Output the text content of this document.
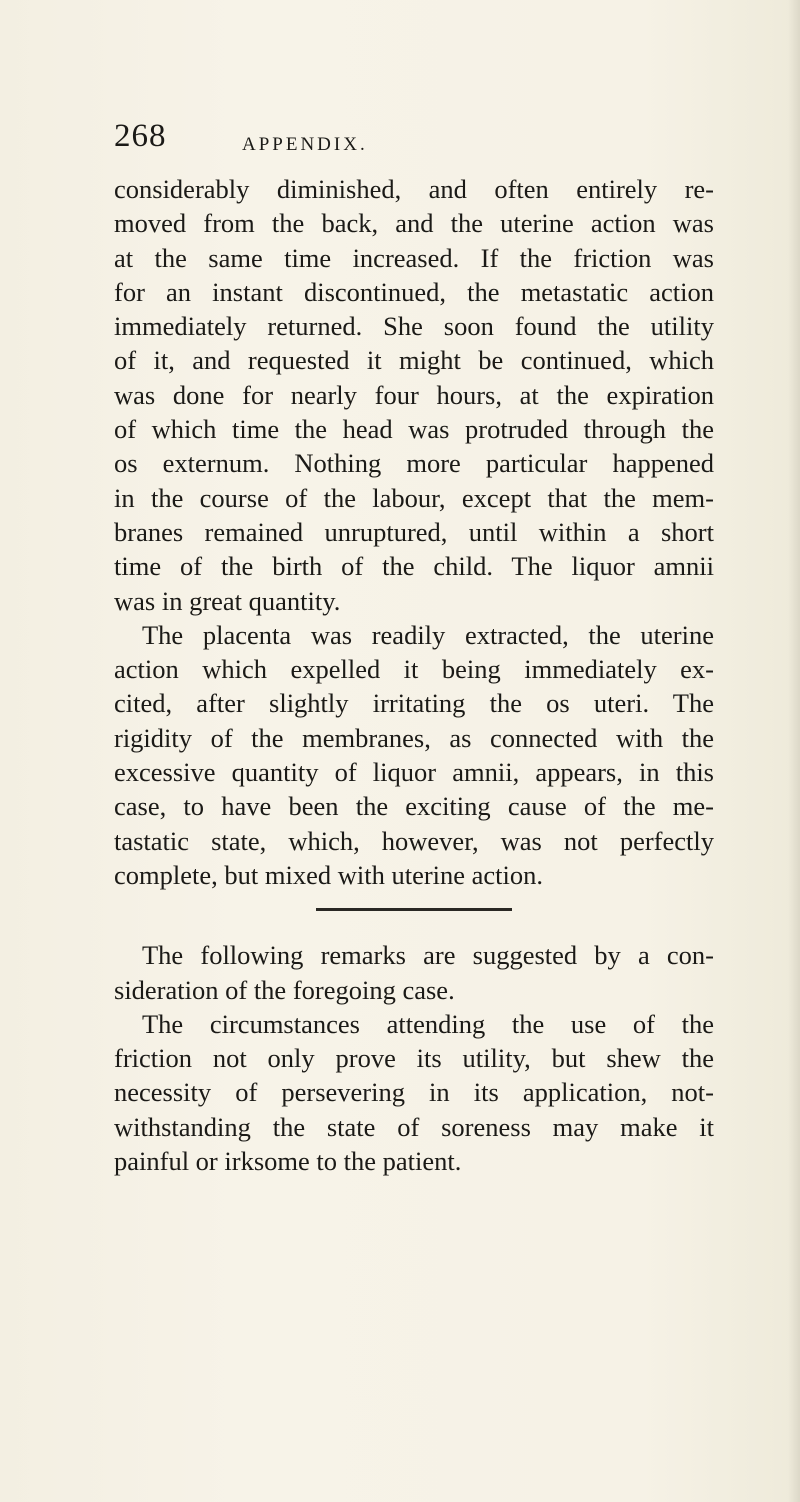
268	APPENDIX.
considerably diminished, and often entirely re-
moved from the back, and the uterine action was
at the same time increased. If the friction was
for an instant discontinued, the metastatic action
immediately returned. She soon found the utility
of it, and requested it might be continued, which
was done for nearly four hours, at the expiration
of which time the head was protruded through the
os externum. Nothing more particular happened
in the course of the labour, except that the mem-
branes remained unruptured, until within a short
time of the birth of the child. The liquor amnii
was in great quantity.
The placenta was readily extracted, the uterine
action which expelled it being immediately ex-
cited, after slightly irritating the os uteri. The
rigidity of the membranes, as connected with the
excessive quantity of liquor amnii, appears, in this
case, to have been the exciting cause of the me-
tastatic state, which, however, was not perfectly
complete, but mixed with uterine action.
The following remarks are suggested by a con-
sideration of the foregoing case.
The circumstances attending the use of the
friction not only prove its utility, but shew the
necessity of persevering in its application, not-
withstanding the state of soreness may make it
painful or irksome to the patient.
